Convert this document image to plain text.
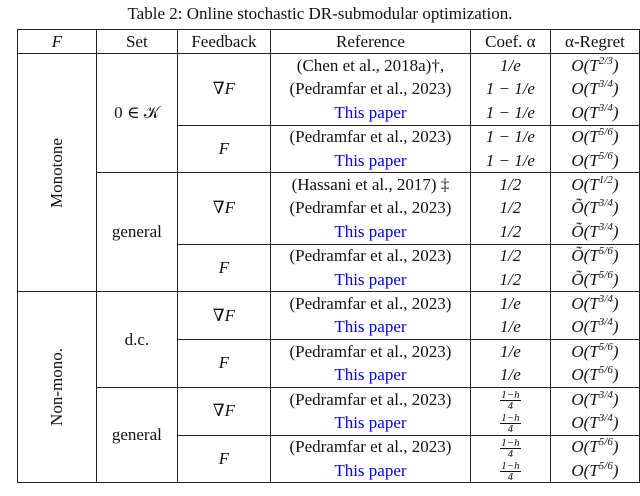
Table 2: Online stochastic DR-submodular optimization.
F	Set	Feedback	Reference	Coef. α	α-Regret
Monotone	0 ∈ 𝒦	∇F	(Chen et al., 2018a)†,	1/e	$O(T^{2/3})$
			(Pedramfar et al., 2023)	1 − 1/e	$O(T^{3/4})$
			This paper	1 − 1/e	$O(T^{3/4})$
		F	(Pedramfar et al., 2023)	1 − 1/e	$O(T^{5/6})$
			This paper	1 − 1/e	$O(T^{5/6})$
	general	∇F	(Hassani et al., 2017) ‡	1/2	$O(T^{1/2})$
			(Pedramfar et al., 2023)	1/2	$Õ(T^{3/4})$
			This paper	1/2	$Õ(T^{3/4})$
		F	(Pedramfar et al., 2023)	1/2	$Õ(T^{5/6})$
			This paper	1/2	$Õ(T^{5/6})$
Non-mono.	d.c.	∇F	(Pedramfar et al., 2023)	1/e	$O(T^{3/4})$
			This paper	1/e	$O(T^{3/4})$
		F	(Pedramfar et al., 2023)	1/e	$O(T^{5/6})$
			This paper	1/e	$O(T^{5/6})$
	general	∇F	(Pedramfar et al., 2023)	$\frac{1-h}{4}$	$O(T^{3/4})$
			This paper	$\frac{1-h}{4}$	$O(T^{3/4})$
		F	(Pedramfar et al., 2023)	$\frac{1-h}{4}$	$O(T^{5/6})$
			This paper	$\frac{1-h}{4}$	$O(T^{5/6})$
